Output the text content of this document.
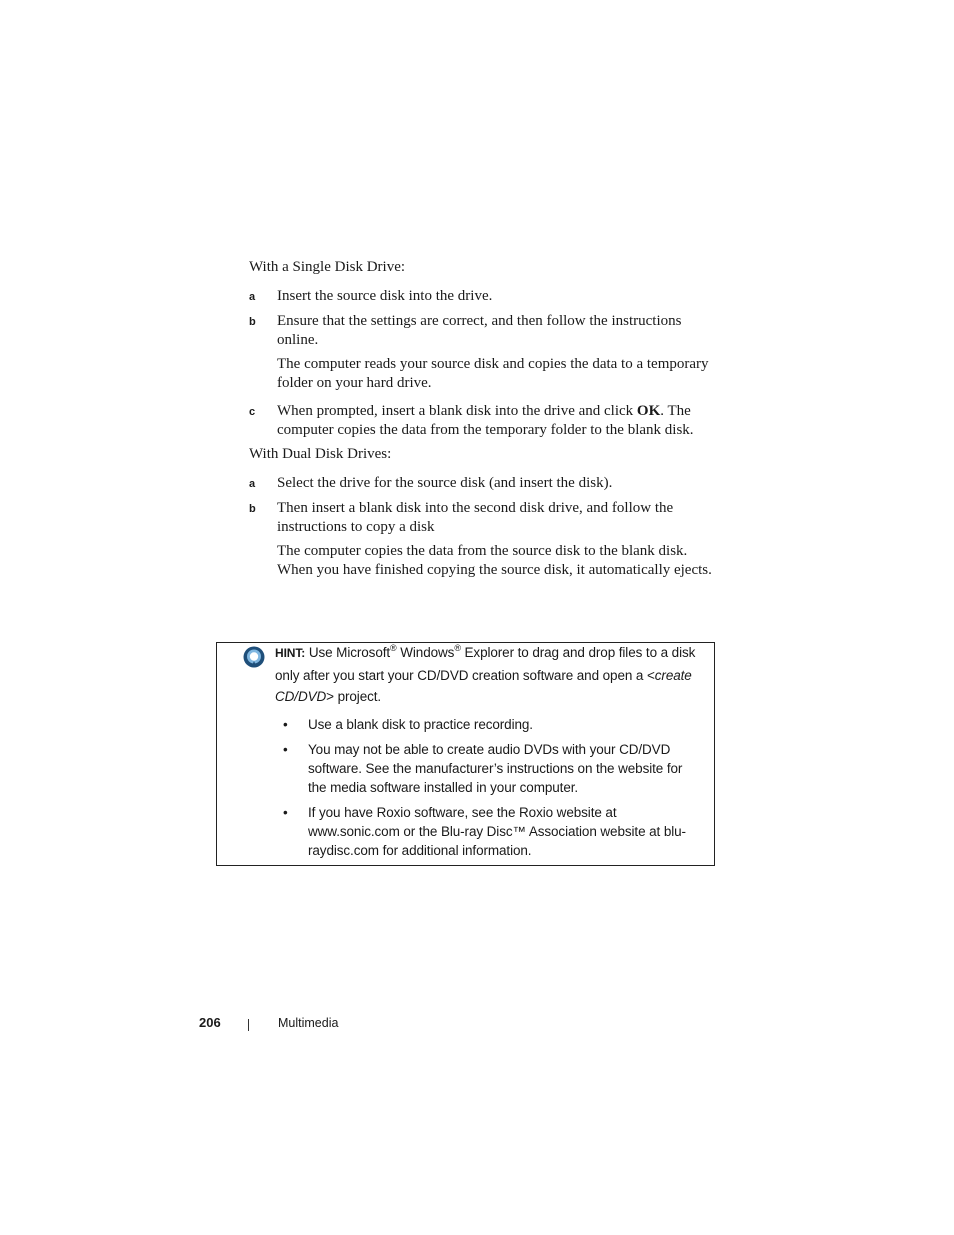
With a Single Disk Drive:
a Insert the source disk into the drive.
b Ensure that the settings are correct, and then follow the instructions online.
The computer reads your source disk and copies the data to a temporary folder on your hard drive.
c When prompted, insert a blank disk into the drive and click OK. The computer copies the data from the temporary folder to the blank disk.
With Dual Disk Drives:
a Select the drive for the source disk (and insert the disk).
b Then insert a blank disk into the second disk drive, and follow the instructions to copy a disk
The computer copies the data from the source disk to the blank disk. When you have finished copying the source disk, it automatically ejects.
HINT: Use Microsoft® Windows® Explorer to drag and drop files to a disk only after you start your CD/DVD creation software and open a <create CD/DVD> project.
• Use a blank disk to practice recording.
• You may not be able to create audio DVDs with your CD/DVD software. See the manufacturer’s instructions on the website for the media software installed in your computer.
• If you have Roxio software, see the Roxio website at www.sonic.com or the Blu-ray Disc™ Association website at blu-raydisc.com for additional information.
206	Multimedia
